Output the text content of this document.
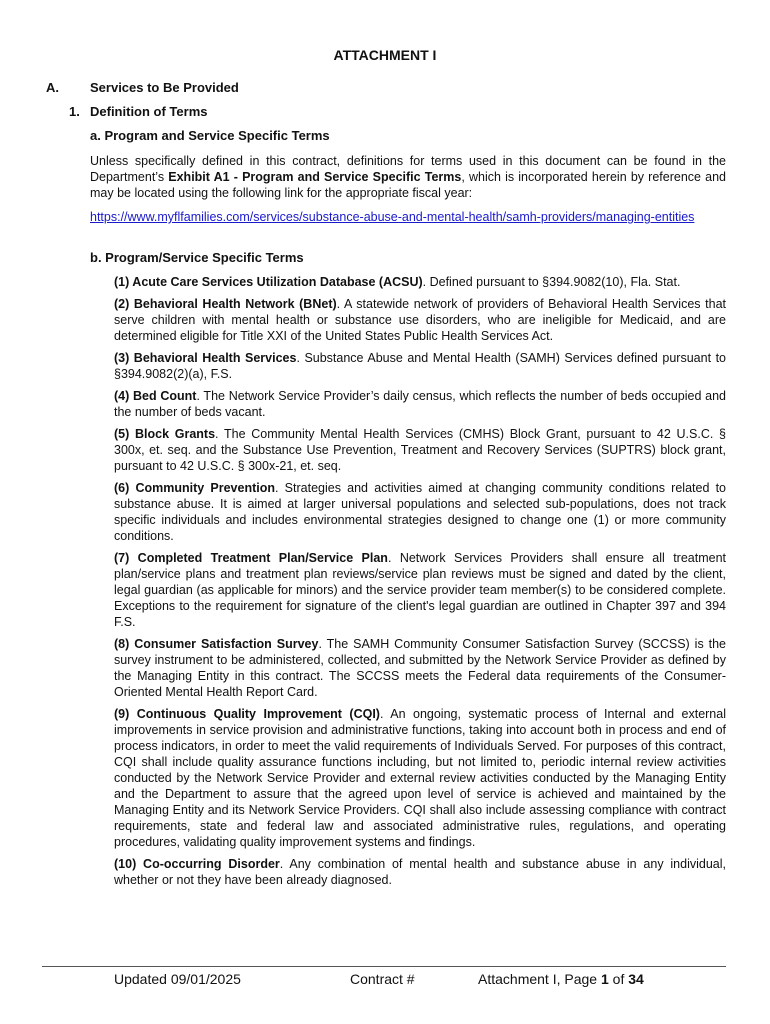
ATTACHMENT I
A. Services to Be Provided
1. Definition of Terms
a. Program and Service Specific Terms
Unless specifically defined in this contract, definitions for terms used in this document can be found in the Department’s Exhibit A1 - Program and Service Specific Terms, which is incorporated herein by reference and may be located using the following link for the appropriate fiscal year:
https://www.myflfamilies.com/services/substance-abuse-and-mental-health/samh-providers/managing-entities
b. Program/Service Specific Terms

(1) Acute Care Services Utilization Database (ACSU). Defined pursuant to §394.9082(10), Fla. Stat.

(2) Behavioral Health Network (BNet). A statewide network of providers of Behavioral Health Services that serve children with mental health or substance use disorders, who are ineligible for Medicaid, and are determined eligible for Title XXI of the United States Public Health Services Act.

(3) Behavioral Health Services. Substance Abuse and Mental Health (SAMH) Services defined pursuant to §394.9082(2)(a), F.S.

(4) Bed Count. The Network Service Provider’s daily census, which reflects the number of beds occupied and the number of beds vacant.

(5) Block Grants. The Community Mental Health Services (CMHS) Block Grant, pursuant to 42 U.S.C. § 300x, et. seq. and the Substance Use Prevention, Treatment and Recovery Services (SUPTRS) block grant, pursuant to 42 U.S.C. § 300x-21, et. seq.

(6) Community Prevention. Strategies and activities aimed at changing community conditions related to substance abuse. It is aimed at larger universal populations and selected sub-populations, does not track specific individuals and includes environmental strategies designed to change one (1) or more community conditions.

(7) Completed Treatment Plan/Service Plan. Network Services Providers shall ensure all treatment plan/service plans and treatment plan reviews/service plan reviews must be signed and dated by the client, legal guardian (as applicable for minors) and the service provider team member(s) to be considered complete. Exceptions to the requirement for signature of the client's legal guardian are outlined in Chapter 397 and 394 F.S.

(8) Consumer Satisfaction Survey. The SAMH Community Consumer Satisfaction Survey (SCCSS) is the survey instrument to be administered, collected, and submitted by the Network Service Provider as defined by the Managing Entity in this contract. The SCCSS meets the Federal data requirements of the Consumer-Oriented Mental Health Report Card.

(9) Continuous Quality Improvement (CQI). An ongoing, systematic process of Internal and external improvements in service provision and administrative functions, taking into account both in process and end of process indicators, in order to meet the valid requirements of Individuals Served. For purposes of this contract, CQI shall include quality assurance functions including, but not limited to, periodic internal review activities conducted by the Network Service Provider and external review activities conducted by the Managing Entity and the Department to assure that the agreed upon level of service is achieved and maintained by the Managing Entity and its Network Service Providers. CQI shall also include assessing compliance with contract requirements, state and federal law and associated administrative rules, regulations, and operating procedures, validating quality improvement systems and findings.

(10) Co-occurring Disorder. Any combination of mental health and substance abuse in any individual, whether or not they have been already diagnosed.

Updated 09/01/2025	Contract #	Attachment I, Page 1 of 34
